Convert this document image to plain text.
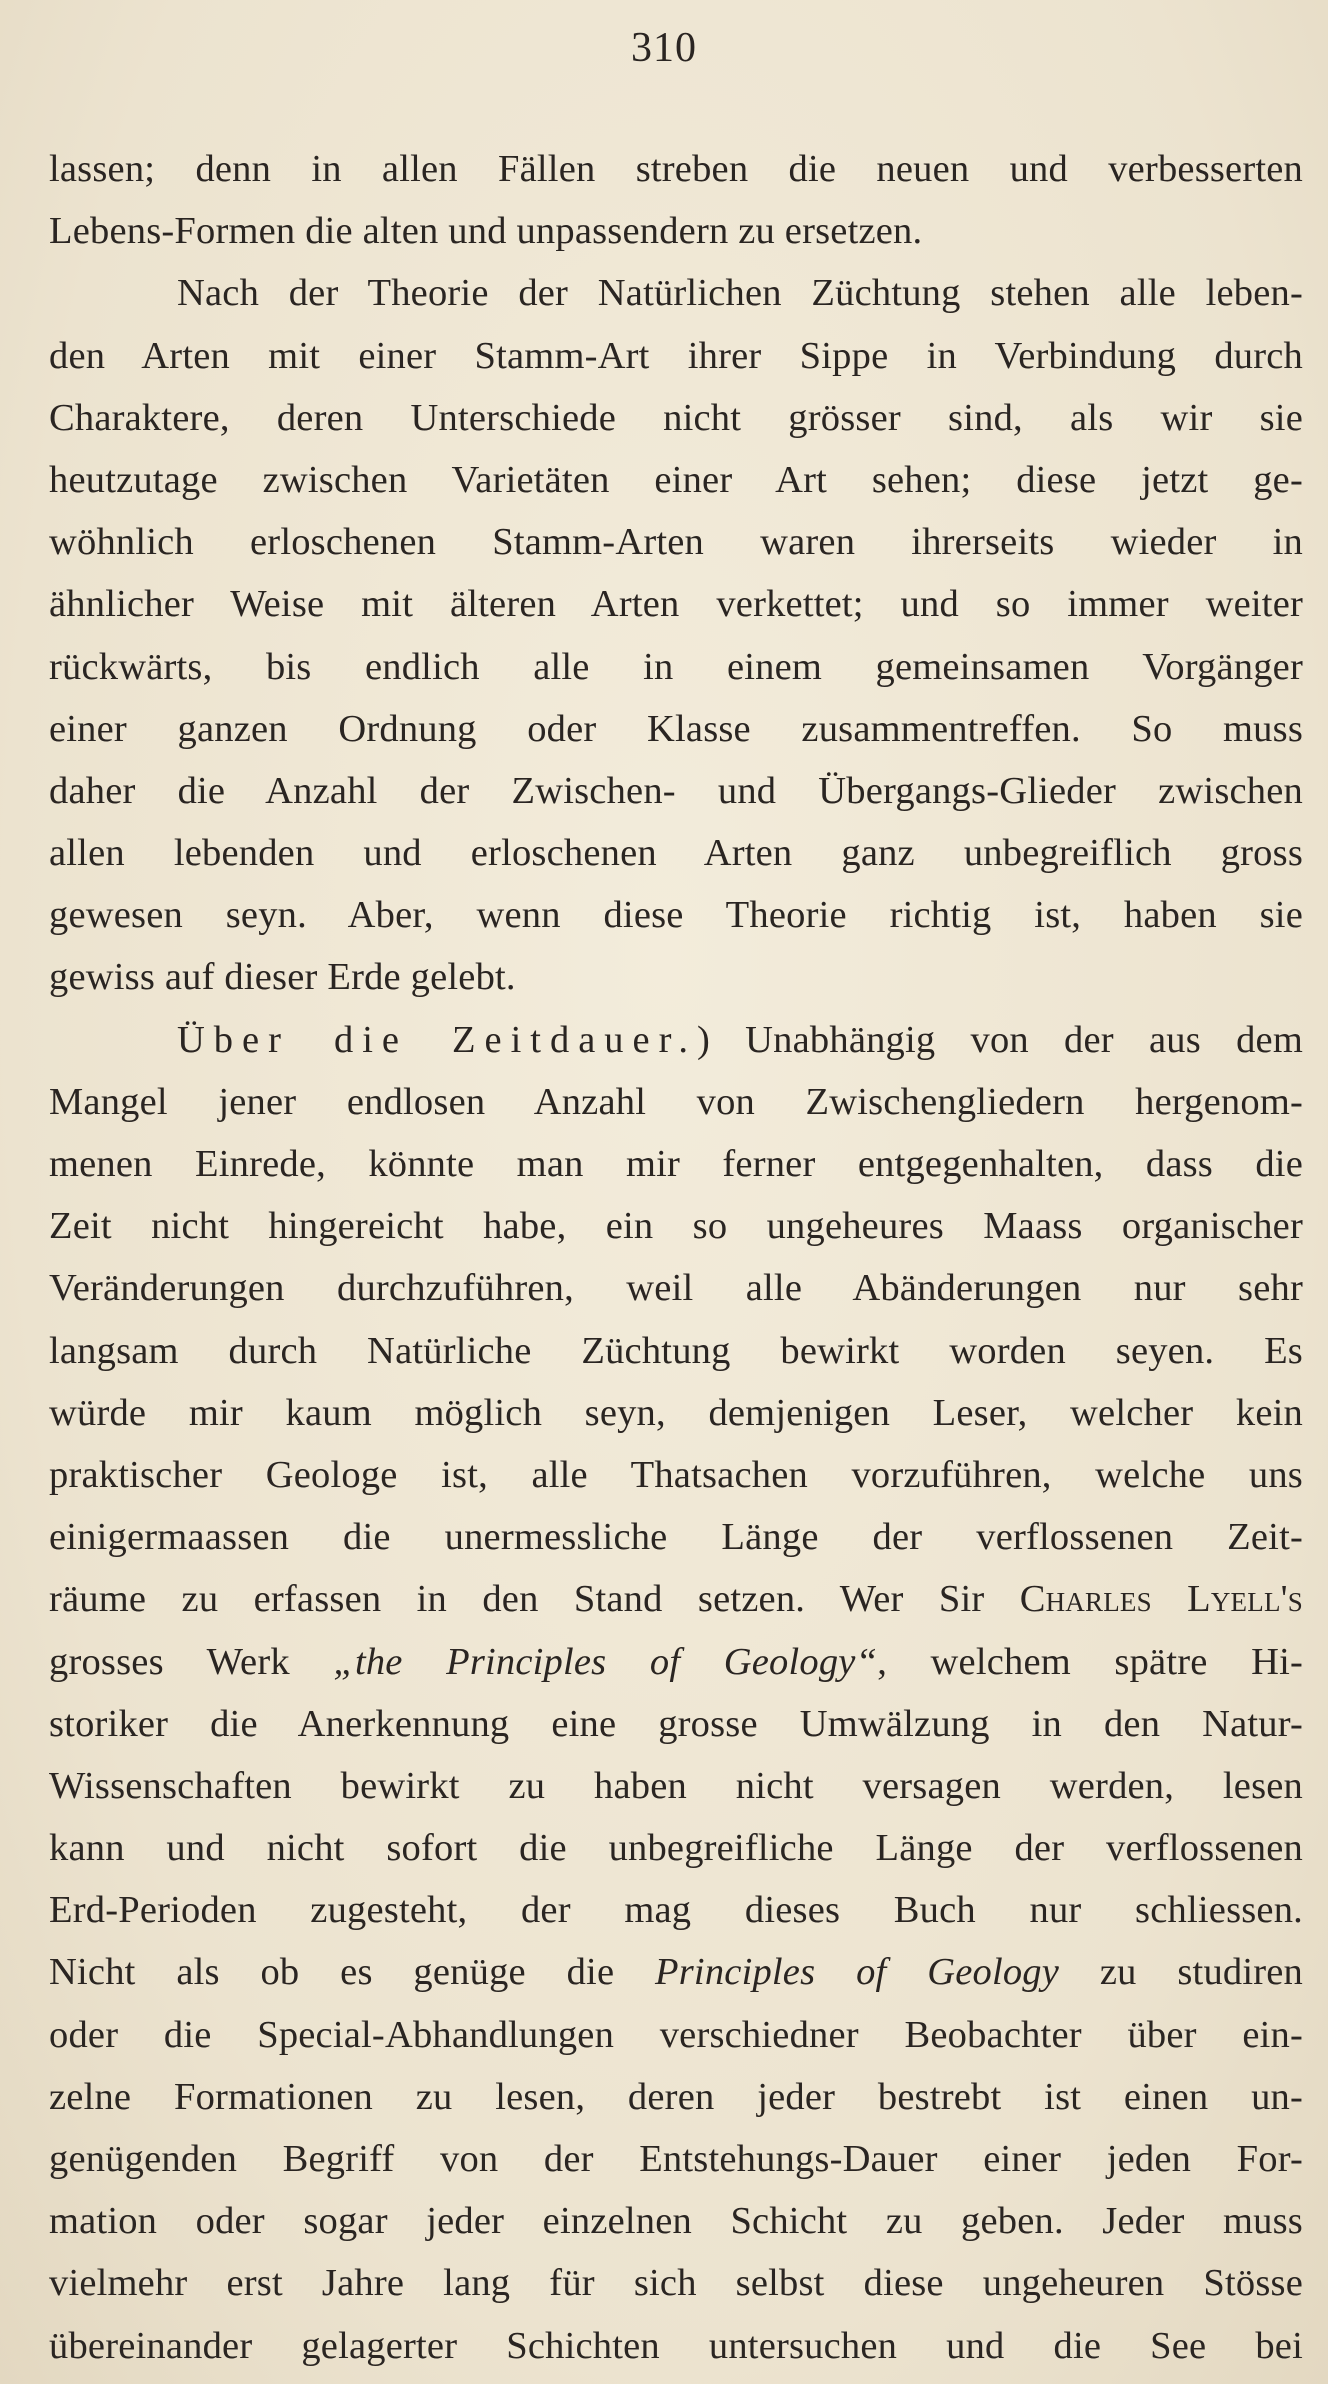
310
lassen; denn in allen Fällen streben die neuen und verbesserten
Lebens-Formen die alten und unpassendern zu ersetzen.
Nach der Theorie der Natürlichen Züchtung stehen alle leben-
den Arten mit einer Stamm-Art ihrer Sippe in Verbindung durch
Charaktere, deren Unterschiede nicht grösser sind, als wir sie
heutzutage zwischen Varietäten einer Art sehen; diese jetzt ge-
wöhnlich erloschenen Stamm-Arten waren ihrerseits wieder in
ähnlicher Weise mit älteren Arten verkettet; und so immer weiter
rückwärts, bis endlich alle in einem gemeinsamen Vorgänger
einer ganzen Ordnung oder Klasse zusammentreffen. So muss
daher die Anzahl der Zwischen- und Übergangs-Glieder zwischen
allen lebenden und erloschenen Arten ganz unbegreiflich gross
gewesen seyn. Aber, wenn diese Theorie richtig ist, haben sie
gewiss auf dieser Erde gelebt.
Über die Zeitdauer.) Unabhängig von der aus dem
Mangel jener endlosen Anzahl von Zwischengliedern hergenom-
menen Einrede, könnte man mir ferner entgegenhalten, dass die
Zeit nicht hingereicht habe, ein so ungeheures Maass organischer
Veränderungen durchzuführen, weil alle Abänderungen nur sehr
langsam durch Natürliche Züchtung bewirkt worden seyen. Es
würde mir kaum möglich seyn, demjenigen Leser, welcher kein
praktischer Geologe ist, alle Thatsachen vorzuführen, welche uns
einigermaassen die unermessliche Länge der verflossenen Zeit-
räume zu erfassen in den Stand setzen. Wer Sir Charles Lyell's
grosses Werk „the Principles of Geology“, welchem spätre Hi-
storiker die Anerkennung eine grosse Umwälzung in den Natur-
Wissenschaften bewirkt zu haben nicht versagen werden, lesen
kann und nicht sofort die unbegreifliche Länge der verflossenen
Erd-Perioden zugesteht, der mag dieses Buch nur schliessen.
Nicht als ob es genüge die Principles of Geology zu studiren
oder die Special-Abhandlungen verschiedner Beobachter über ein-
zelne Formationen zu lesen, deren jeder bestrebt ist einen un-
genügenden Begriff von der Entstehungs-Dauer einer jeden For-
mation oder sogar jeder einzelnen Schicht zu geben. Jeder muss
vielmehr erst Jahre lang für sich selbst diese ungeheuren Stösse
übereinander gelagerter Schichten untersuchen und die See bei
